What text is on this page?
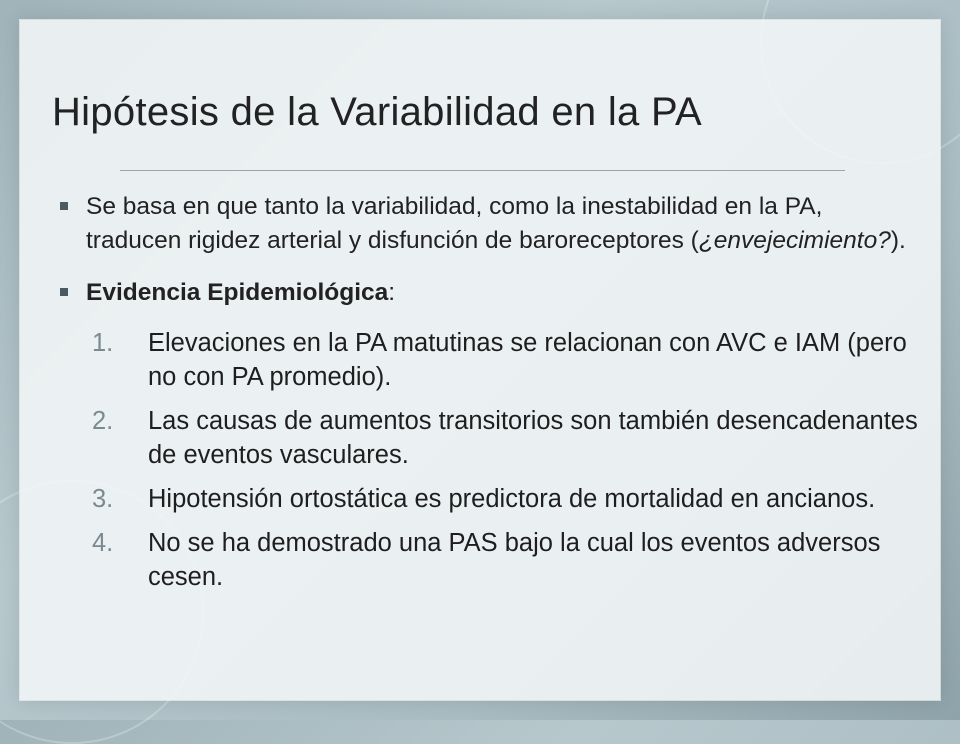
Hipótesis de la Variabilidad en la PA
Se basa en que tanto la variabilidad, como la inestabilidad en la PA, traducen rigidez arterial y disfunción de baroreceptores (¿envejecimiento?).
Evidencia Epidemiológica:
1. Elevaciones en la PA matutinas se relacionan con AVC e IAM (pero no con PA promedio).
2. Las causas de aumentos transitorios son también desencadenantes de eventos vasculares.
3. Hipotensión ortostática es predictora de mortalidad en ancianos.
4. No se ha demostrado una PAS bajo la cual los eventos adversos cesen.
